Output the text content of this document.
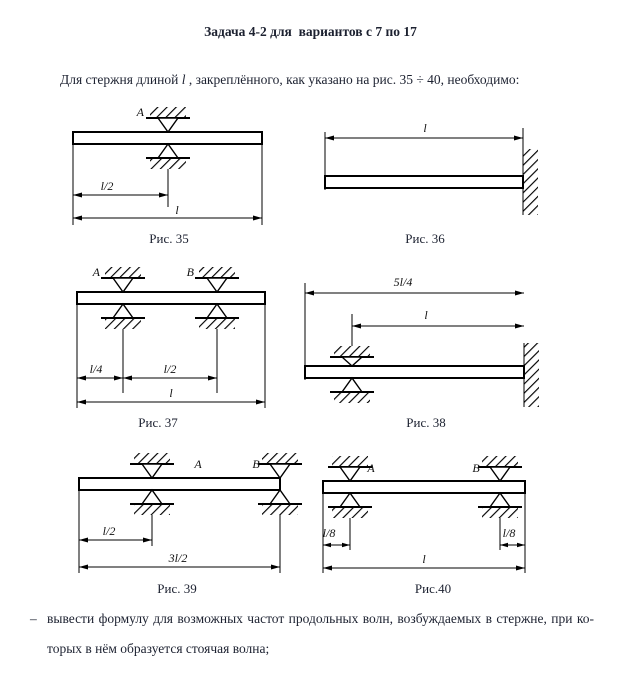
Задача 4-2 для  вариантов с 7 по 17
Для стержня длиной l , закреплённого, как указано на рис. 35 ÷ 40, необходимо:
A
l/2
l
Рис. 35
l
Рис. 36
A	B
l/4	l/2
l
Рис. 37
5l/4
l
Рис. 38
A	B
l/2
3l/2
Рис. 39
A	B
l/8	l/8
l
Рис.40
– вывести формулу для возможных частот продольных волн, возбуждаемых в стержне, при ко-
торых в нём образуется стоячая волна;
